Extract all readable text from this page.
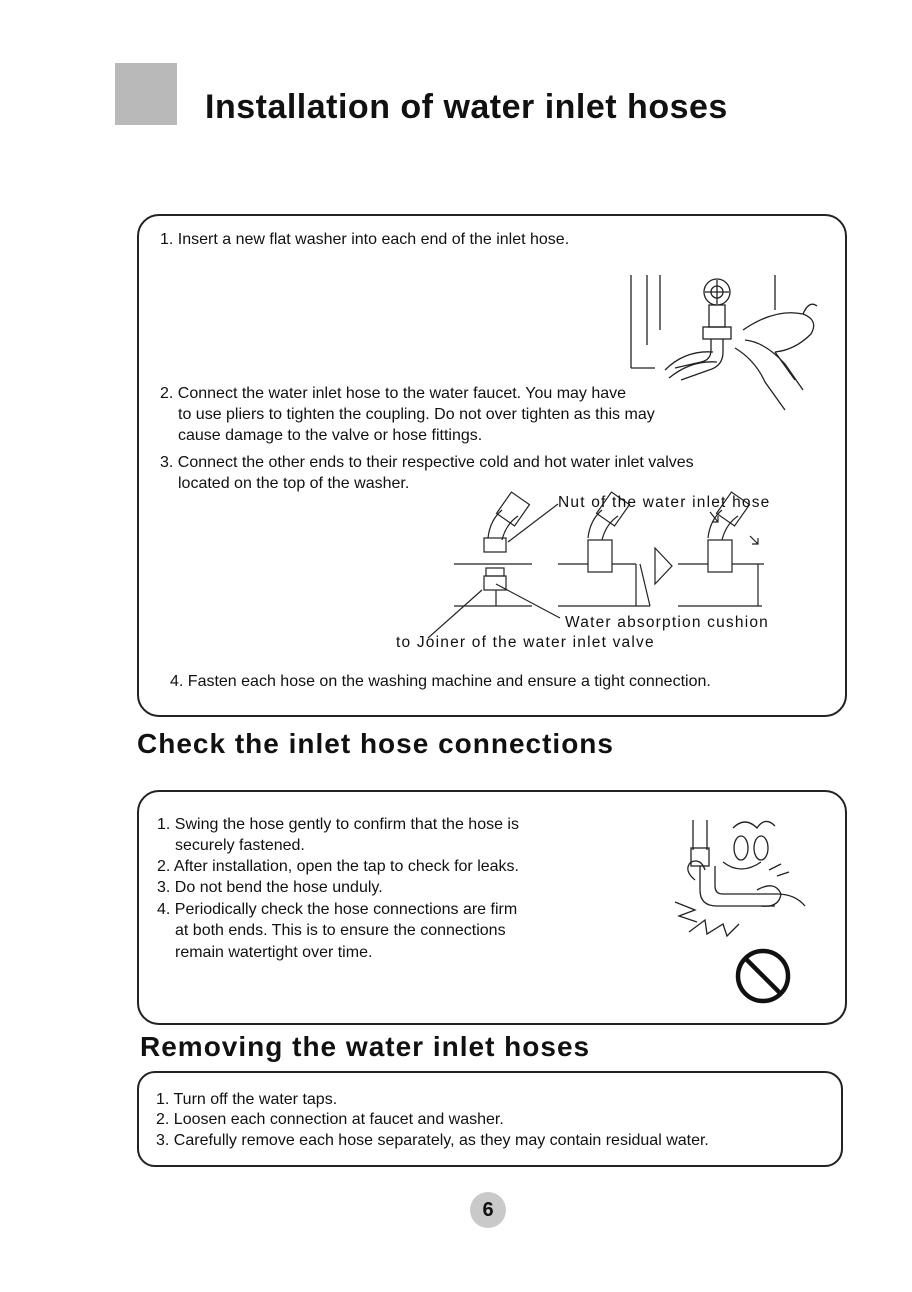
Installation of water inlet hoses
1. Insert a new flat washer into each end of the inlet hose.
2. Connect the water inlet hose to the water faucet. You may have
to use pliers to tighten the coupling. Do not over tighten as this may
cause damage to the valve or hose fittings.
3. Connect the other ends to their respective cold and hot water inlet valves
located on the top of the washer.
Nut of the water inlet hose
Water absorption cushion
to Joiner of the water inlet valve
4. Fasten each hose on the washing machine and ensure a tight connection.
Check the inlet hose connections
1. Swing the hose gently to confirm that the hose is
securely fastened.
2. After installation, open the tap to check for leaks.
3. Do not bend the hose unduly.
4. Periodically check the hose connections are firm
at both ends. This is to ensure the connections
remain watertight over time.
Removing the water inlet hoses
1. Turn off the water taps.
2. Loosen each connection at faucet and washer.
3. Carefully remove each hose separately, as they may contain residual water.
6
